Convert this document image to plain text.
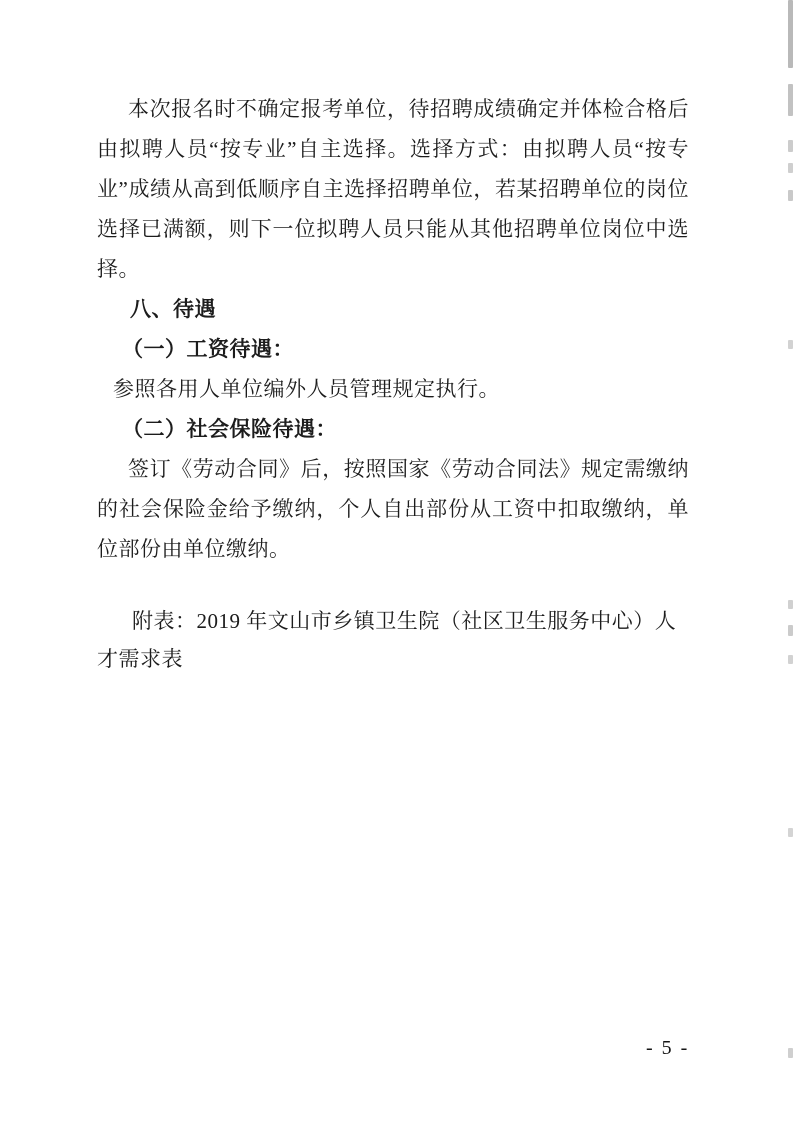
本次报名时不确定报考单位，待招聘成绩确定并体检合格后由拟聘人员“按专业”自主选择。选择方式：由拟聘人员“按专业”成绩从高到低顺序自主选择招聘单位，若某招聘单位的岗位选择已满额，则下一位拟聘人员只能从其他招聘单位岗位中选择。

八、待遇

（一）工资待遇：

参照各用人单位编外人员管理规定执行。

（二）社会保险待遇：

签订《劳动合同》后，按照国家《劳动合同法》规定需缴纳的社会保险金给予缴纳，个人自出部份从工资中扣取缴纳，单位部份由单位缴纳。

附表：2019 年文山市乡镇卫生院（社区卫生服务中心）人才需求表

- 5 -
